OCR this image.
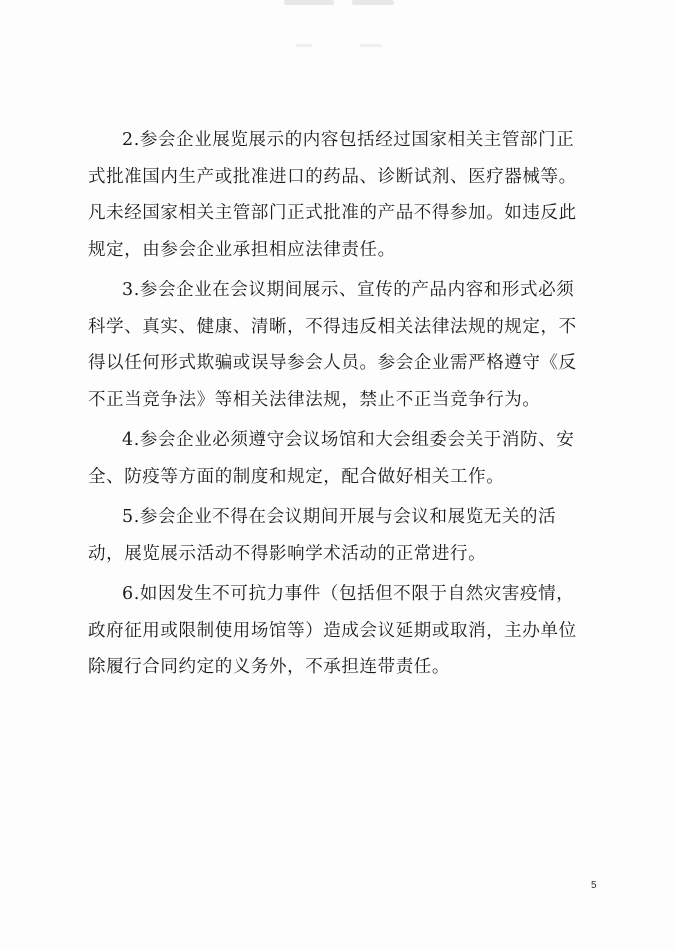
2.参会企业展览展示的内容包括经过国家相关主管部门正
式批准国内生产或批准进口的药品、诊断试剂、医疗器械等。
凡未经国家相关主管部门正式批准的产品不得参加。如违反此
规定，由参会企业承担相应法律责任。

3.参会企业在会议期间展示、宣传的产品内容和形式必须
科学、真实、健康、清晰，不得违反相关法律法规的规定，不
得以任何形式欺骗或误导参会人员。参会企业需严格遵守《反
不正当竞争法》等相关法律法规，禁止不正当竞争行为。

4.参会企业必须遵守会议场馆和大会组委会关于消防、安
全、防疫等方面的制度和规定，配合做好相关工作。

5.参会企业不得在会议期间开展与会议和展览无关的活
动，展览展示活动不得影响学术活动的正常进行。

6.如因发生不可抗力事件（包括但不限于自然灾害疫情，
政府征用或限制使用场馆等）造成会议延期或取消，主办单位
除履行合同约定的义务外，不承担连带责任。

5
